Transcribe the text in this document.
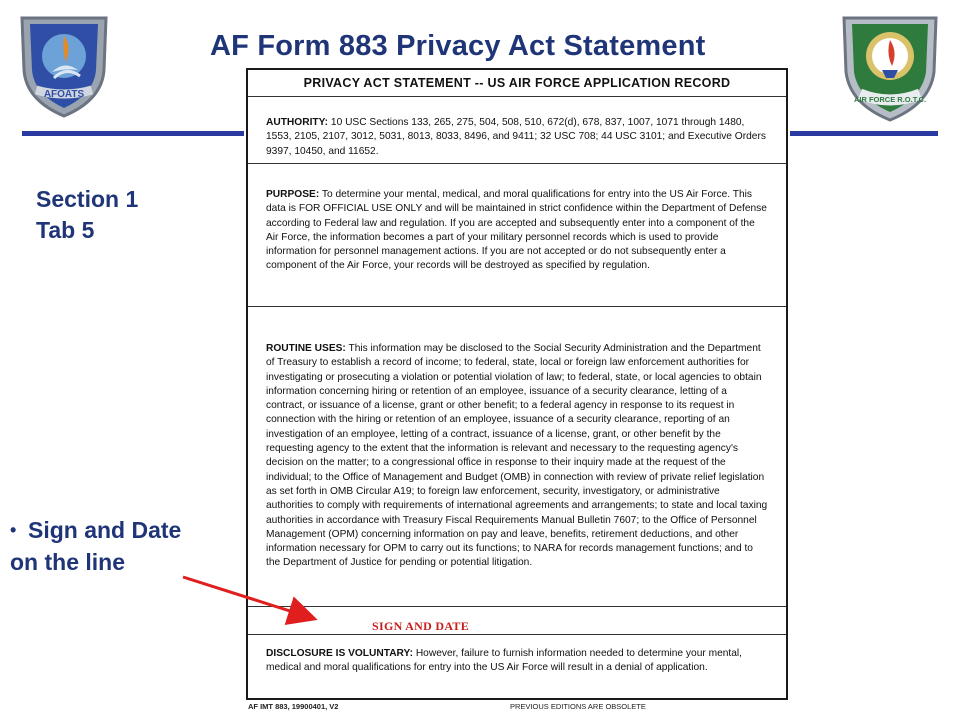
AF Form 883 Privacy Act Statement
AFOATS	AIR FORCE R.O.T.C.
Section 1
Tab 5
• Sign and Date
on the line
PRIVACY ACT STATEMENT -- US AIR FORCE APPLICATION RECORD
AUTHORITY: 10 USC Sections 133, 265, 275, 504, 508, 510, 672(d), 678, 837, 1007, 1071 through 1480, 1553, 2105, 2107, 3012, 5031, 8013, 8033, 8496, and 9411; 32 USC 708; 44 USC 3101; and Executive Orders 9397, 10450, and 11652.
PURPOSE: To determine your mental, medical, and moral qualifications for entry into the US Air Force. This data is FOR OFFICIAL USE ONLY and will be maintained in strict confidence within the Department of Defense according to Federal law and regulation. If you are accepted and subsequently enter into a component of the Air Force, the information becomes a part of your military personnel records which is used to provide information for personnel management actions. If you are not accepted or do not subsequently enter a component of the Air Force, your records will be destroyed as specified by regulation.
ROUTINE USES: This information may be disclosed to the Social Security Administration and the Department of Treasury to establish a record of income; to federal, state, local or foreign law enforcement authorities for investigating or prosecuting a violation or potential violation of law; to federal, state, or local agencies to obtain information concerning hiring or retention of an employee, issuance of a security clearance, letting of a contract, or issuance of a license, grant or other benefit; to a federal agency in response to its request in connection with the hiring or retention of an employee, issuance of a security clearance, reporting of an investigation of an employee, letting of a contract, issuance of a license, grant, or other benefit by the requesting agency to the extent that the information is relevant and necessary to the requesting agency's decision on the matter; to a congressional office in response to their inquiry made at the request of the individual; to the Office of Management and Budget (OMB) in connection with review of private relief legislation as set forth in OMB Circular A19; to foreign law enforcement, security, investigatory, or administrative authorities to comply with requirements of international agreements and arrangements; to state and local taxing authorities in accordance with Treasury Fiscal Requirements Manual Bulletin 7607; to the Office of Personnel Management (OPM) concerning information on pay and leave, benefits, retirement deductions, and other information necessary for OPM to carry out its functions; to NARA for records management functions; and to the Department of Justice for pending or potential litigation.
SIGN AND DATE
DISCLOSURE IS VOLUNTARY: However, failure to furnish information needed to determine your mental, medical and moral qualifications for entry into the US Air Force will result in a denial of application.
AF IMT 883, 19900401, V2	PREVIOUS EDITIONS ARE OBSOLETE
